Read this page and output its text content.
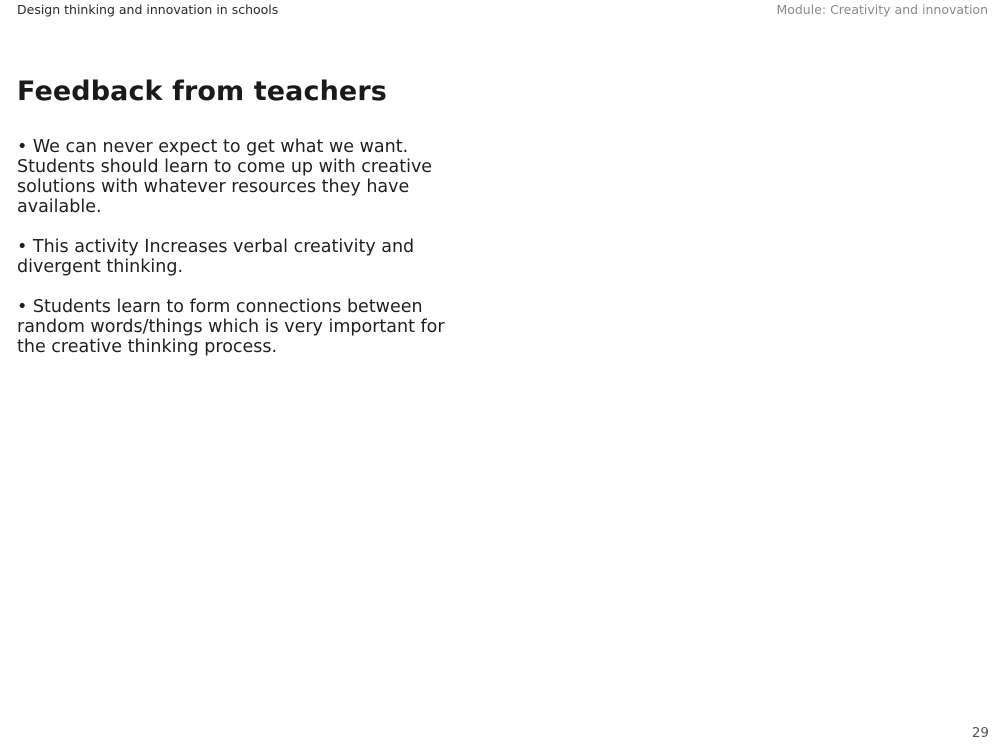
Design thinking and innovation in schools	Module: Creativity and innovation
Feedback from teachers
• We can never expect to get what we want. Students should learn to come up with creative solutions with whatever resources they have available.
• This activity Increases verbal creativity and divergent thinking.
• Students learn to form connections between random words/things which is very important for the creative thinking process.
29
